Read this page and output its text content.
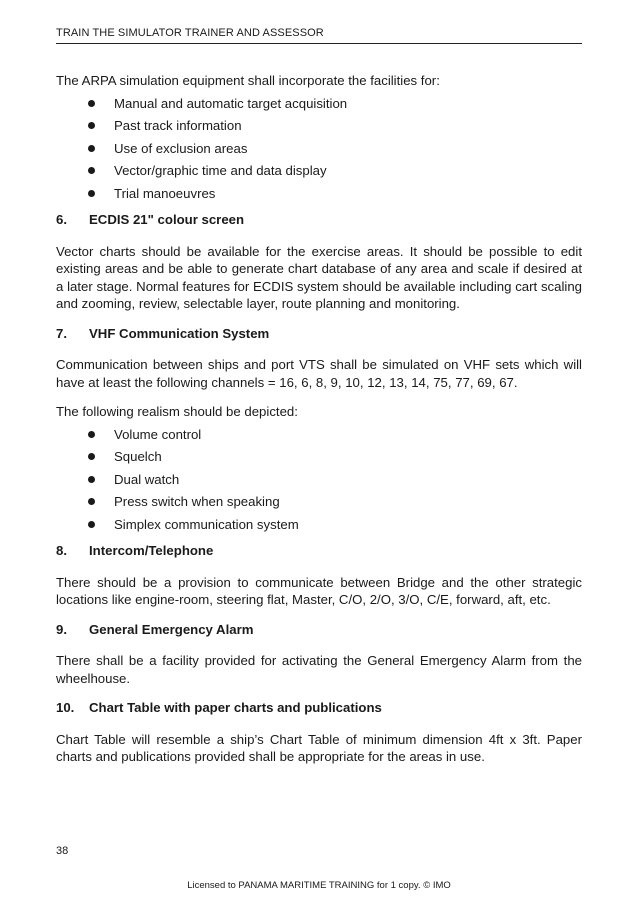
TRAIN THE SIMULATOR TRAINER AND ASSESSOR

The ARPA simulation equipment shall incorporate the facilities for:

Manual and automatic target acquisition
Past track information
Use of exclusion areas
Vector/graphic time and data display
Trial manoeuvres
6.	ECDIS 21" colour screen

Vector charts should be available for the exercise areas. It should be possible to edit existing areas and be able to generate chart database of any area and scale if desired at a later stage. Normal features for ECDIS system should be available including cart scaling and zooming, review, selectable layer, route planning and monitoring.

7.	VHF Communication System

Communication between ships and port VTS shall be simulated on VHF sets which will have at least the following channels = 16, 6, 8, 9, 10, 12, 13, 14, 75, 77, 69, 67.

The following realism should be depicted:

Volume control
Squelch
Dual watch
Press switch when speaking
Simplex communication system
8.	Intercom/Telephone

There should be a provision to communicate between Bridge and the other strategic locations like engine-room, steering flat, Master, C/O, 2/O, 3/O, C/E, forward, aft, etc.

9.	General Emergency Alarm

There shall be a facility provided for activating the General Emergency Alarm from the wheelhouse.

10.	Chart Table with paper charts and publications

Chart Table will resemble a ship’s Chart Table of minimum dimension 4ft x 3ft. Paper charts and publications provided shall be appropriate for the areas in use.

38
Licensed to PANAMA MARITIME TRAINING for 1 copy. © IMO
